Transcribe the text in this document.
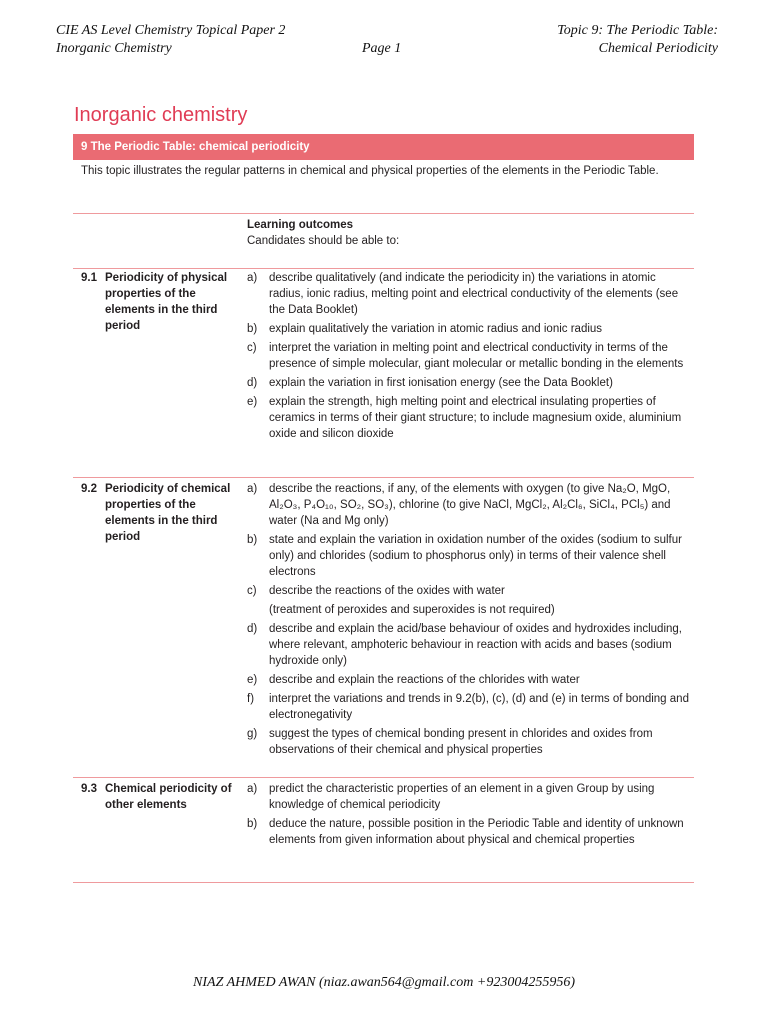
CIE AS Level Chemistry Topical Paper 2
Inorganic Chemistry	Page 1
Topic 9: The Periodic Table:
Chemical Periodicity
Inorganic chemistry
9 The Periodic Table: chemical periodicity
This topic illustrates the regular patterns in chemical and physical properties of the elements in the Periodic Table.
Learning outcomes
Candidates should be able to:
9.1 Periodicity of physical properties of the elements in the third period
a) describe qualitatively (and indicate the periodicity in) the variations in atomic radius, ionic radius, melting point and electrical conductivity of the elements (see the Data Booklet)
b) explain qualitatively the variation in atomic radius and ionic radius
c) interpret the variation in melting point and electrical conductivity in terms of the presence of simple molecular, giant molecular or metallic bonding in the elements
d) explain the variation in first ionisation energy (see the Data Booklet)
e) explain the strength, high melting point and electrical insulating properties of ceramics in terms of their giant structure; to include magnesium oxide, aluminium oxide and silicon dioxide
9.2 Periodicity of chemical properties of the elements in the third period
a) describe the reactions, if any, of the elements with oxygen (to give Na₂O, MgO, Al₂O₃, P₄O₁₀, SO₂, SO₃), chlorine (to give NaCl, MgCl₂, Al₂Cl₆, SiCl₄, PCl₅) and water (Na and Mg only)
b) state and explain the variation in oxidation number of the oxides (sodium to sulfur only) and chlorides (sodium to phosphorus only) in terms of their valence shell electrons
c) describe the reactions of the oxides with water
(treatment of peroxides and superoxides is not required)
d) describe and explain the acid/base behaviour of oxides and hydroxides including, where relevant, amphoteric behaviour in reaction with acids and bases (sodium hydroxide only)
e) describe and explain the reactions of the chlorides with water
f) interpret the variations and trends in 9.2(b), (c), (d) and (e) in terms of bonding and electronegativity
g) suggest the types of chemical bonding present in chlorides and oxides from observations of their chemical and physical properties
9.3 Chemical periodicity of other elements
a) predict the characteristic properties of an element in a given Group by using knowledge of chemical periodicity
b) deduce the nature, possible position in the Periodic Table and identity of unknown elements from given information about physical and chemical properties
NIAZ AHMED AWAN (niaz.awan564@gmail.com +923004255956)
